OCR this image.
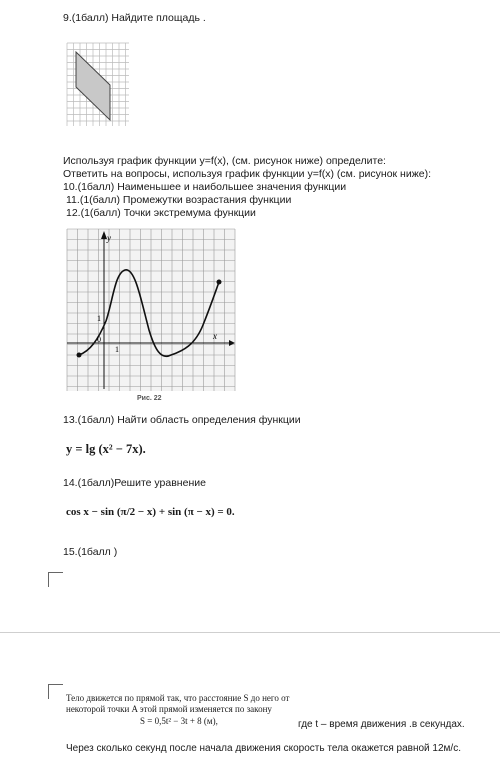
9.(1балл) Найдите площадь .
Используя график функции y=f(x), (см. рисунок ниже) определите:
Ответить на вопросы, используя график функции y=f(x) (см. рисунок ниже):
10.(1балл) Наименьшее и наибольшее значения функции
11.(1(балл) Промежутки возрастания функции
12.(1(балл) Точки экстремума функции
y
x
0
1
1
Рис. 22
13.(1балл) Найти область определения функции
y = lg (x² − 7x).
14.(1балл)Решите уравнение
cos x − sin (π/2 − x) + sin (π − x) = 0.
15.(1балл )
Тело движется по прямой так, что расстояние S до него от
некоторой точки A этой прямой изменяется по закону
S = 0,5t² − 3t + 8 (м),	где t – время движения .в секундах.
Через сколько секунд после начала движения скорость тела окажется равной 12м/с.
